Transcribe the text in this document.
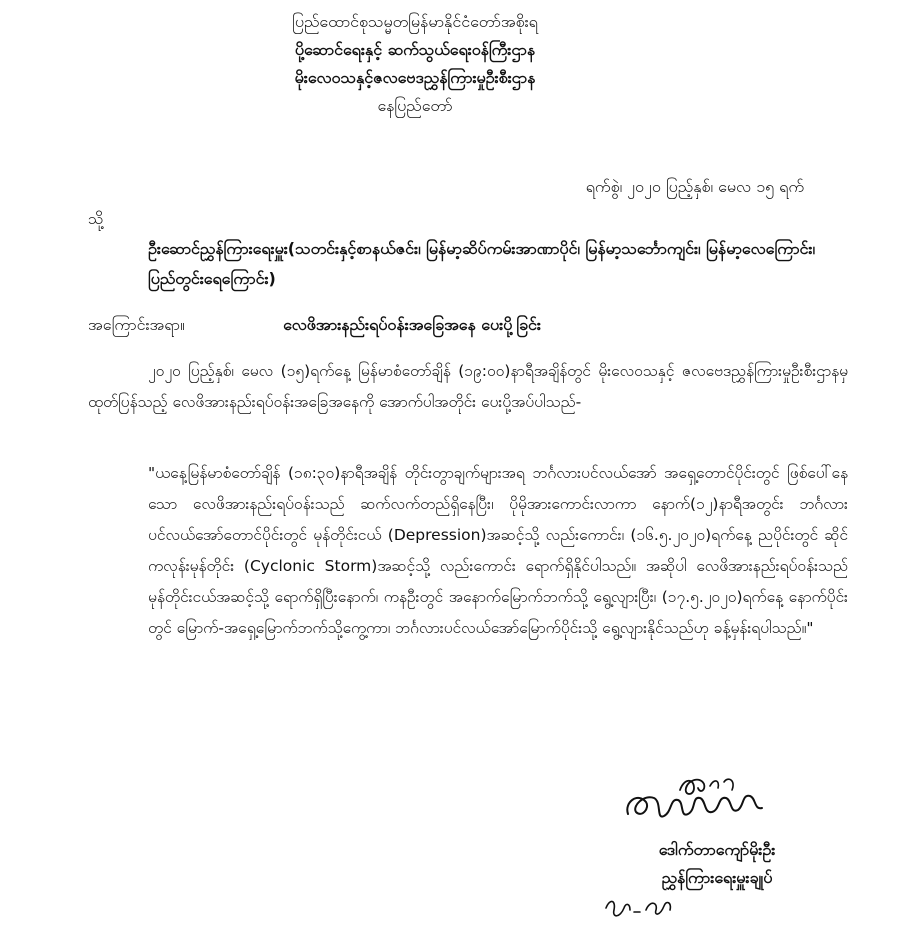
ပြည်ထောင်စုသမ္မတမြန်မာနိုင်ငံတော်အစိုးရ
ပို့ဆောင်ရေးနှင့် ဆက်သွယ်ရေးဝန်ကြီးဌာန
မိုးလေဝသနှင့်ဇလဗေဒညွှန်ကြားမှုဦးစီးဌာန
နေပြည်တော်
ရက်စွဲ၊ ၂၀၂၀ ပြည့်နှစ်၊ မေလ ၁၅ ရက်
သို့
ဦးဆောင်ညွှန်ကြားရေးမှူး(သတင်းနှင့်စာနယ်ဇင်း၊ မြန်မာ့ဆိပ်ကမ်းအာဏာပိုင်၊ မြန်မာ့သင်္ဘောကျင်း၊ မြန်မာ့လေကြောင်း၊ ပြည်တွင်းရေကြောင်း)
အကြောင်းအရာ။	လေဖိအားနည်းရပ်ဝန်းအခြေအနေ ပေးပို့ခြင်း
၂၀၂၀ ပြည့်နှစ်၊ မေလ (၁၅)ရက်နေ့ မြန်မာစံတော်ချိန် (၁၉:၀၀)နာရီအချိန်တွင် မိုးလေဝသနှင့် ဇလဗေဒညွှန်ကြားမှုဦးစီးဌာနမှထုတ်ပြန်သည့် လေဖိအားနည်းရပ်ဝန်းအခြေအနေကို အောက်ပါအတိုင်း ပေးပို့အပ်ပါသည်-
"ယနေ့မြန်မာစံတော်ချိန် (၁၈:၃၀)နာရီအချိန် တိုင်းတွာချက်များအရ ဘင်္ဂလားပင်လယ်အော် အရှေ့တောင်ပိုင်းတွင် ဖြစ်ပေါ်နေသော လေဖိအားနည်းရပ်ဝန်းသည် ဆက်လက်တည်ရှိနေပြီး၊ ပိုမိုအားကောင်းလာကာ နောက်(၁၂)နာရီအတွင်း ဘင်္ဂလားပင်လယ်အော်တောင်ပိုင်းတွင် မုန်တိုင်းငယ် (Depression)အဆင့်သို့ လည်းကောင်း၊ (၁၆.၅.၂၀၂၀)ရက်နေ့ ညပိုင်းတွင် ဆိုင်ကလုန်းမုန်တိုင်း (Cyclonic Storm)အဆင့်သို့ လည်းကောင်း ရောက်ရှိနိုင်ပါသည်။ အဆိုပါ လေဖိအားနည်းရပ်ဝန်းသည် မုန်တိုင်းငယ်အဆင့်သို့ ရောက်ရှိပြီးနောက်၊ ကနဦးတွင် အနောက်မြောက်ဘက်သို့ ရွေ့လျားပြီး၊ (၁၇.၅.၂၀၂၀)ရက်နေ့ နောက်ပိုင်းတွင် မြောက်-အရှေ့မြောက်ဘက်သို့ကွေ့ကာ၊ ဘင်္ဂလားပင်လယ်အော်မြောက်ပိုင်းသို့ ရွေ့လျားနိုင်သည်ဟု ခန့်မှန်းရပါသည်။"
ဒေါက်တာကျော်မိုးဦး
ညွှန်ကြားရေးမှူးချုပ်
